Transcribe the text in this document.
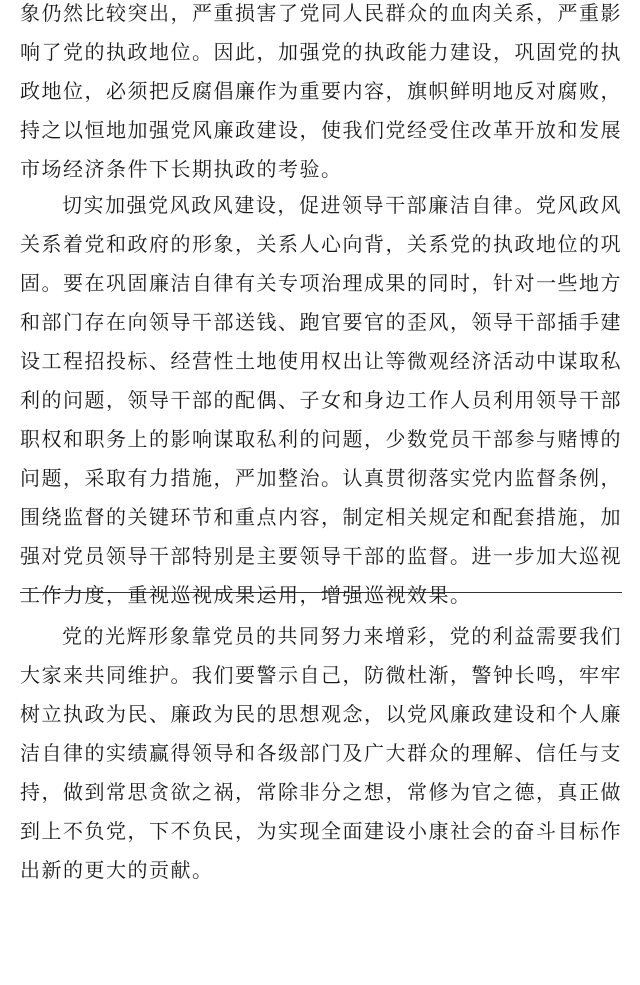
象仍然比较突出，严重损害了党同人民群众的血肉关系，严重影响了党的执政地位。因此，加强党的执政能力建设，巩固党的执政地位，必须把反腐倡廉作为重要内容，旗帜鲜明地反对腐败，持之以恒地加强党风廉政建设，使我们党经受住改革开放和发展市场经济条件下长期执政的考验。

切实加强党风政风建设，促进领导干部廉洁自律。党风政风关系着党和政府的形象，关系人心向背，关系党的执政地位的巩固。要在巩固廉洁自律有关专项治理成果的同时，针对一些地方和部门存在向领导干部送钱、跑官要官的歪风，领导干部插手建设工程招投标、经营性土地使用权出让等微观经济活动中谋取私利的问题，领导干部的配偶、子女和身边工作人员利用领导干部职权和职务上的影响谋取私利的问题，少数党员干部参与赌博的问题，采取有力措施，严加整治。认真贯彻落实党内监督条例，围绕监督的关键环节和重点内容，制定相关规定和配套措施，加强对党员领导干部特别是主要领导干部的监督。进一步加大巡视工作力度，重视巡视成果运用，增强巡视效果。

党的光辉形象靠党员的共同努力来增彩，党的利益需要我们大家来共同维护。我们要警示自己，防微杜渐，警钟长鸣，牢牢树立执政为民、廉政为民的思想观念，以党风廉政建设和个人廉洁自律的实绩赢得领导和各级部门及广大群众的理解、信任与支持，做到常思贪欲之祸，常除非分之想，常修为官之德，真正做到上不负党，下不负民，为实现全面建设小康社会的奋斗目标作出新的更大的贡献。
